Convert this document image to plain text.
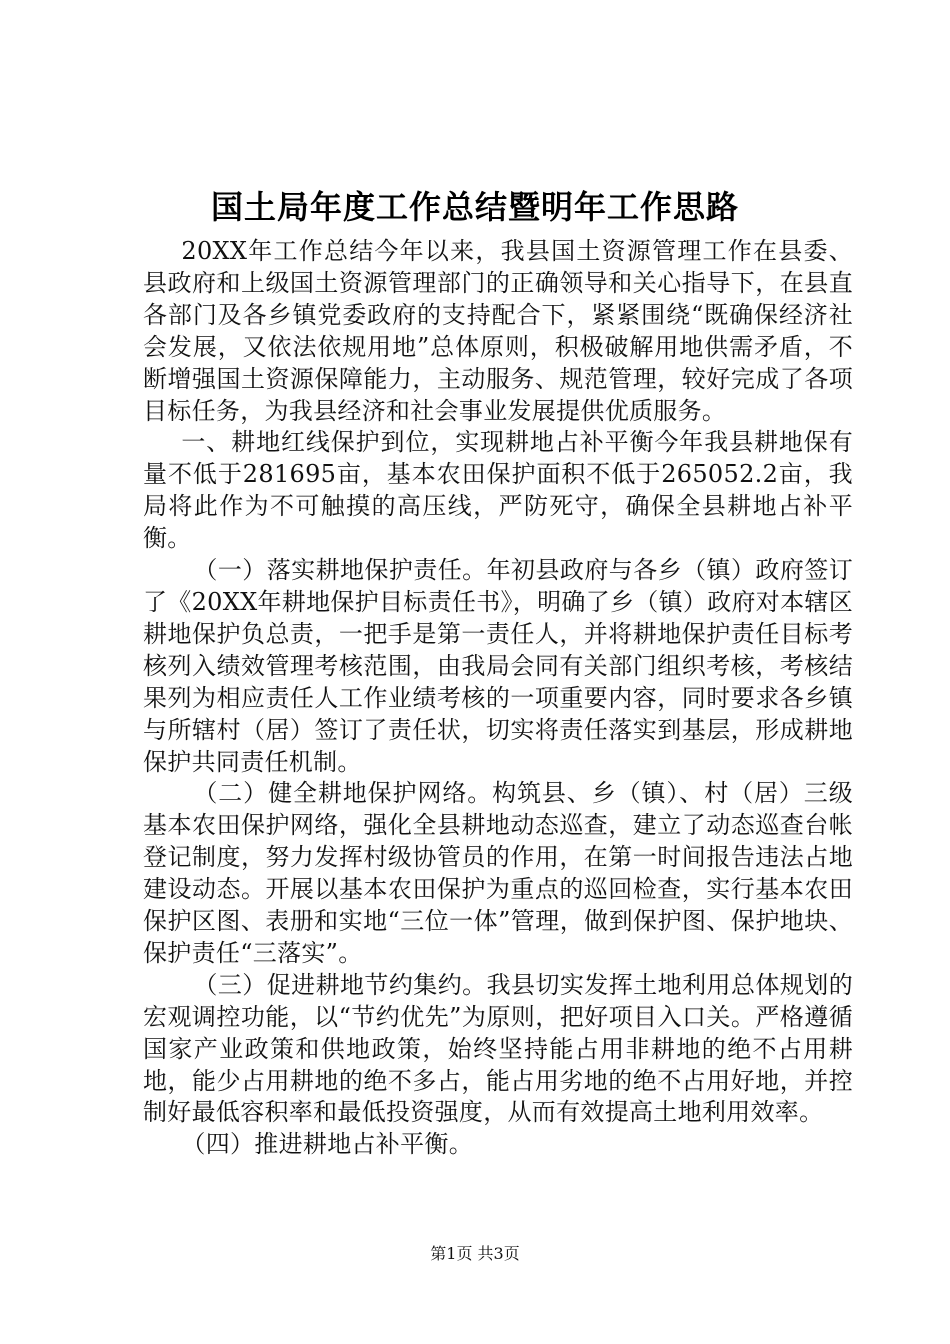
国土局年度工作总结暨明年工作思路

20XX年工作总结今年以来，我县国土资源管理工作在县委、县政府和上级国土资源管理部门的正确领导和关心指导下，在县直各部门及各乡镇党委政府的支持配合下，紧紧围绕“既确保经济社会发展，又依法依规用地”总体原则，积极破解用地供需矛盾，不断增强国土资源保障能力，主动服务、规范管理，较好完成了各项目标任务，为我县经济和社会事业发展提供优质服务。

一、耕地红线保护到位，实现耕地占补平衡今年我县耕地保有量不低于281695亩，基本农田保护面积不低于265052.2亩，我局将此作为不可触摸的高压线，严防死守，确保全县耕地占补平衡。

（一）落实耕地保护责任。年初县政府与各乡（镇）政府签订了《20XX年耕地保护目标责任书》，明确了乡（镇）政府对本辖区耕地保护负总责，一把手是第一责任人，并将耕地保护责任目标考核列入绩效管理考核范围，由我局会同有关部门组织考核，考核结果列为相应责任人工作业绩考核的一项重要内容，同时要求各乡镇与所辖村（居）签订了责任状，切实将责任落实到基层，形成耕地保护共同责任机制。

（二）健全耕地保护网络。构筑县、乡（镇）、村（居）三级基本农田保护网络，强化全县耕地动态巡查，建立了动态巡查台帐登记制度，努力发挥村级协管员的作用，在第一时间报告违法占地建设动态。开展以基本农田保护为重点的巡回检查，实行基本农田保护区图、表册和实地“三位一体”管理，做到保护图、保护地块、保护责任“三落实”。

（三）促进耕地节约集约。我县切实发挥土地利用总体规划的宏观调控功能，以“节约优先”为原则，把好项目入口关。严格遵循国家产业政策和供地政策，始终坚持能占用非耕地的绝不占用耕地，能少占用耕地的绝不多占，能占用劣地的绝不占用好地，并控制好最低容积率和最低投资强度，从而有效提高土地利用效率。

（四）推进耕地占补平衡。

第1页 共3页
